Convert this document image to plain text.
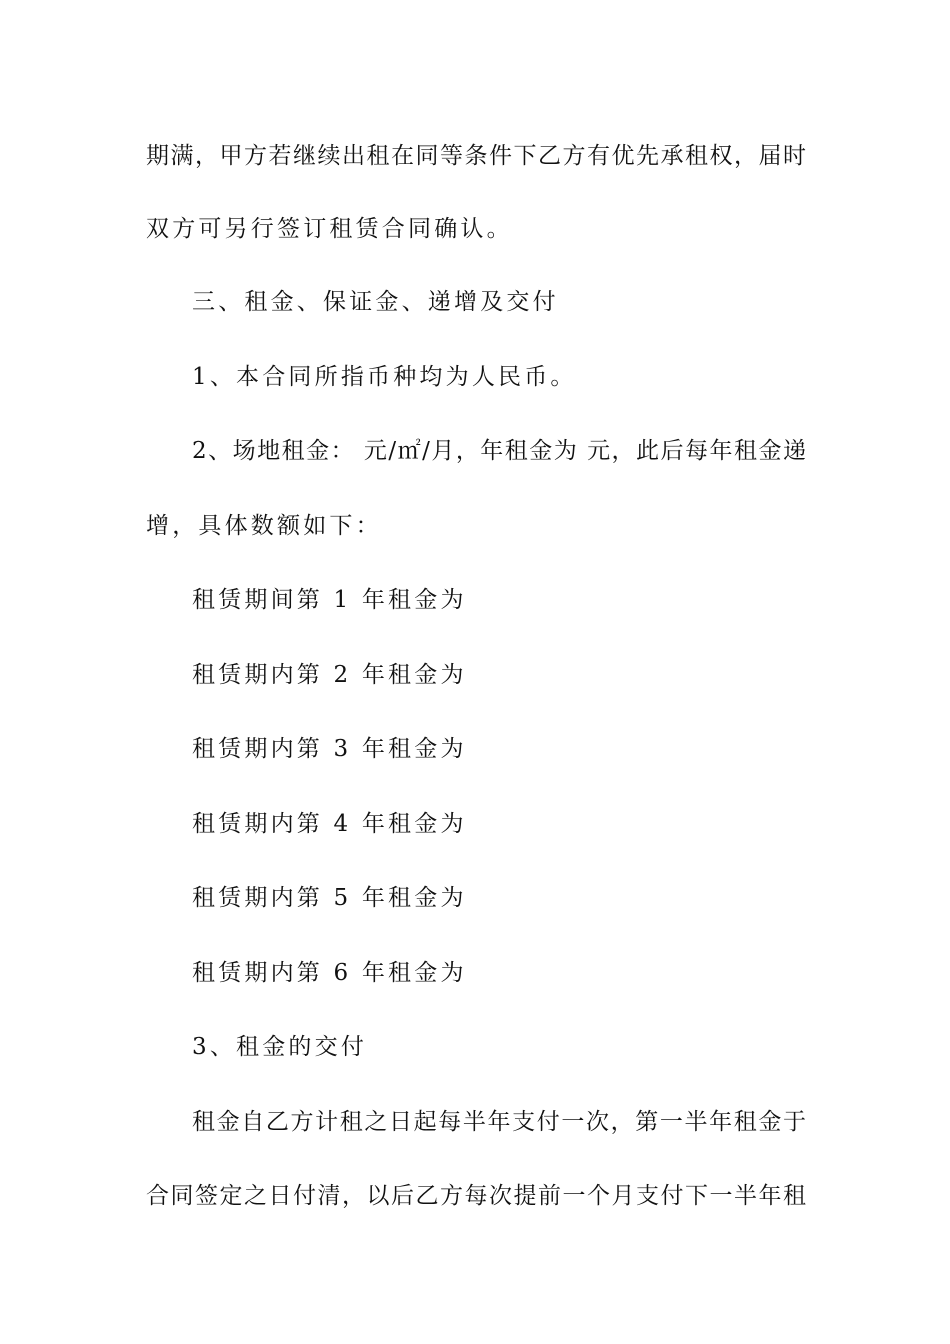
期满，甲方若继续出租在同等条件下乙方有优先承租权，届时
双方可另行签订租赁合同确认。
三、租金、保证金、递增及交付
1、本合同所指币种均为人民币。
2、场地租金： 元/㎡/月，年租金为 元，此后每年租金递
增，具体数额如下：
租赁期间第 1 年租金为
租赁期内第 2 年租金为
租赁期内第 3 年租金为
租赁期内第 4 年租金为
租赁期内第 5 年租金为
租赁期内第 6 年租金为
3、租金的交付
租金自乙方计租之日起每半年支付一次，第一半年租金于
合同签定之日付清，以后乙方每次提前一个月支付下一半年租
